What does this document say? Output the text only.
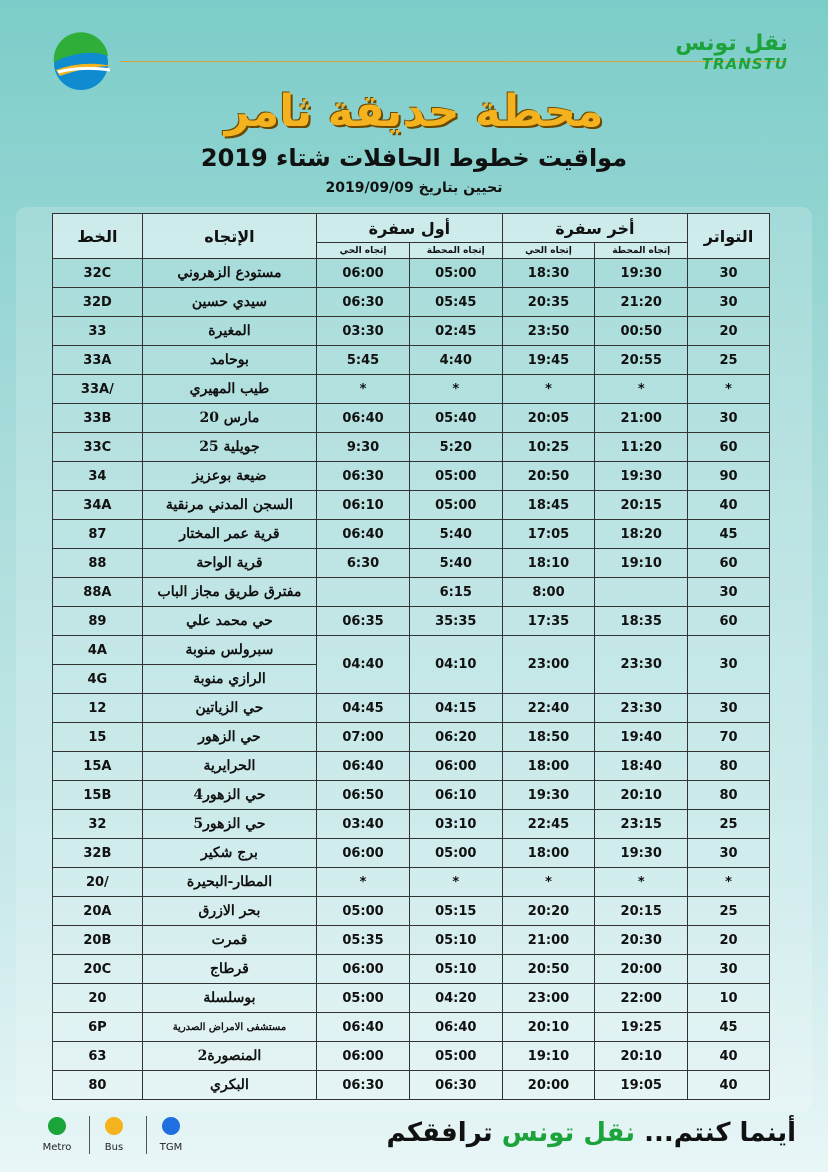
نقل تونس
TRANSTU
محطة حديقة ثامر
مواقيت خطوط الحافلات شتاء 2019
تحيين بتاريخ 2019/09/09
الخط	الإتجاه	أول سفرة		أخر سفرة		التواتر
		إتجاه الحي	إتجاه المحطة	إتجاه الحي	إتجاه المحطة	
32C	مستودع الزهروني	06:00	05:00	18:30	19:30	30
32D	سيدي حسين	06:30	05:45	20:35	21:20	30
33	المغيرة	03:30	02:45	23:50	00:50	20
33A	بوحامد	5:45	4:40	19:45	20:55	25
33A/	طيب المهيري	*	*	*	*	*
33B	مارس 20	06:40	05:40	20:05	21:00	30
33C	جويلية 25	9:30	5:20	10:25	11:20	60
34	ضيعة بوعزيز	06:30	05:00	20:50	19:30	90
34A	السجن المدني مرنقية	06:10	05:00	18:45	20:15	40
87	قرية عمر المختار	06:40	5:40	17:05	18:20	45
88	قرية الواحة	6:30	5:40	18:10	19:10	60
88A	مفترق طريق مجاز الباب		6:15	8:00		30
89	حي محمد علي	06:35	35:35	17:35	18:35	60
4A	سبرولس منوبة	04:40	04:10	23:00	23:30	30
4G	الرازي منوبة					
12	حي الزياتين	04:45	04:15	22:40	23:30	30
15	حي الزهور	07:00	06:20	18:50	19:40	70
15A	الحرايرية	06:40	06:00	18:00	18:40	80
15B	حي الزهور4	06:50	06:10	19:30	20:10	80
32	حي الزهور5	03:40	03:10	22:45	23:15	25
32B	برج شكير	06:00	05:00	18:00	19:30	30
20/	المطار-البحيرة	*	*	*	*	*
20A	بحر الازرق	05:00	05:15	20:20	20:15	25
20B	قمرت	05:35	05:10	21:00	20:30	20
20C	قرطاج	06:00	05:10	20:50	20:00	30
20	بوسلسلة	05:00	04:20	23:00	22:00	10
6P	مستشفى الامراض الصدرية	06:40	06:40	20:10	19:25	45
63	المنصورة2	06:00	05:00	19:10	20:10	40
80	البكري	06:30	06:30	20:00	19:05	40
Metro	Bus	TGM	أينما كنتم... نقل تونس ترافقكم
